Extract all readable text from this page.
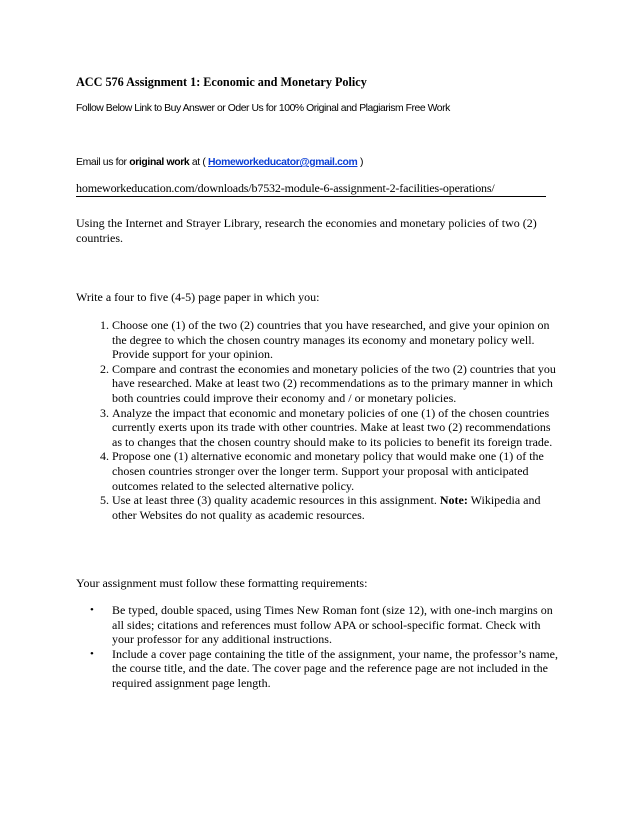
ACC 576 Assignment 1: Economic and Monetary Policy

Follow Below Link to Buy Answer or Oder Us for 100% Original and Plagiarism Free Work

Email us for original work at ( Homeworkeducator@gmail.com )

homeworkeducation.com/downloads/b7532-module-6-assignment-2-facilities-operations/

Using the Internet and Strayer Library, research the economies and monetary policies of two (2) countries.

Write a four to five (4-5) page paper in which you:

1. Choose one (1) of the two (2) countries that you have researched, and give your opinion on the degree to which the chosen country manages its economy and monetary policy well. Provide support for your opinion.
2. Compare and contrast the economies and monetary policies of the two (2) countries that you have researched. Make at least two (2) recommendations as to the primary manner in which both countries could improve their economy and / or monetary policies.
3. Analyze the impact that economic and monetary policies of one (1) of the chosen countries currently exerts upon its trade with other countries. Make at least two (2) recommendations as to changes that the chosen country should make to its policies to benefit its foreign trade.
4. Propose one (1) alternative economic and monetary policy that would make one (1) of the chosen countries stronger over the longer term. Support your proposal with anticipated outcomes related to the selected alternative policy.
5. Use at least three (3) quality academic resources in this assignment. Note: Wikipedia and other Websites do not quality as academic resources.

Your assignment must follow these formatting requirements:

• Be typed, double spaced, using Times New Roman font (size 12), with one-inch margins on all sides; citations and references must follow APA or school-specific format. Check with your professor for any additional instructions.
• Include a cover page containing the title of the assignment, your name, the professor’s name, the course title, and the date. The cover page and the reference page are not included in the required assignment page length.
